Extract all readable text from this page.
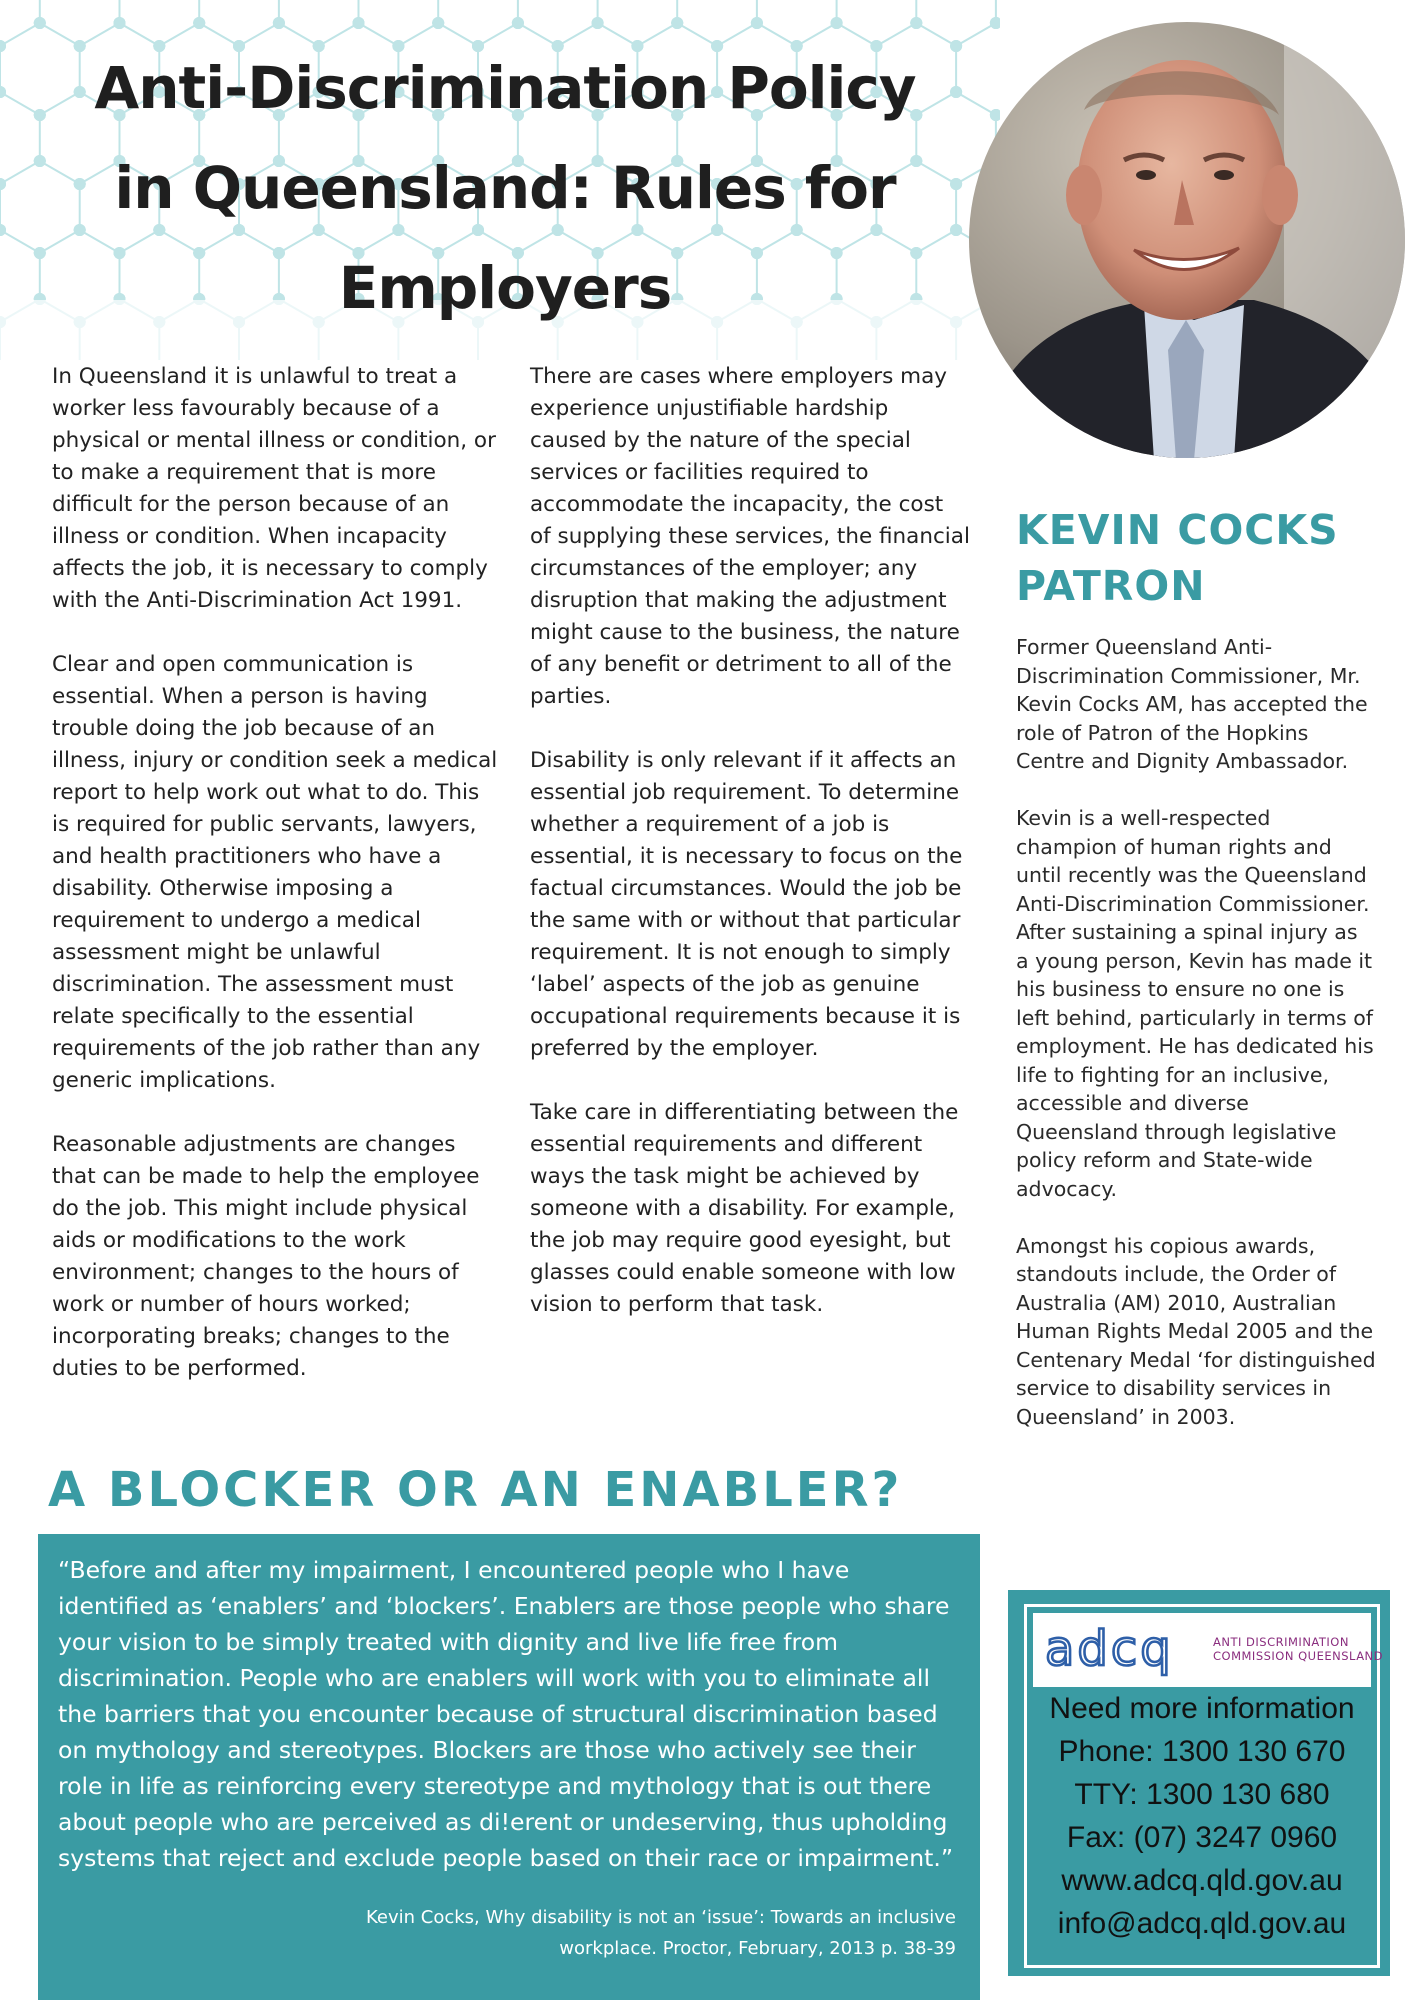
Anti-Discrimination Policy
in Queensland: Rules for
Employers

In Queensland it is unlawful to treat a worker less favourably because of a physical or mental illness or condition, or to make a requirement that is more difficult for the person because of an illness or condition. When incapacity affects the job, it is necessary to comply with the Anti-Discrimination Act 1991.

Clear and open communication is essential. When a person is having trouble doing the job because of an illness, injury or condition seek a medical report to help work out what to do. This is required for public servants, lawyers, and health practitioners who have a disability. Otherwise imposing a requirement to undergo a medical assessment might be unlawful discrimination. The assessment must relate specifically to the essential requirements of the job rather than any generic implications.

Reasonable adjustments are changes that can be made to help the employee do the job. This might include physical aids or modifications to the work environment; changes to the hours of work or number of hours worked; incorporating breaks; changes to the duties to be performed.

There are cases where employers may experience unjustifiable hardship caused by the nature of the special services or facilities required to accommodate the incapacity, the cost of supplying these services, the financial circumstances of the employer; any disruption that making the adjustment might cause to the business, the nature of any benefit or detriment to all of the parties.

Disability is only relevant if it affects an essential job requirement. To determine whether a requirement of a job is essential, it is necessary to focus on the factual circumstances. Would the job be the same with or without that particular requirement. It is not enough to simply ‘label’ aspects of the job as genuine occupational requirements because it is preferred by the employer.

Take care in differentiating between the essential requirements and different ways the task might be achieved by someone with a disability. For example, the job may require good eyesight, but glasses could enable someone with low vision to perform that task.

KEVIN COCKS
PATRON

Former Queensland Anti-Discrimination Commissioner, Mr. Kevin Cocks AM, has accepted the role of Patron of the Hopkins Centre and Dignity Ambassador.

Kevin is a well-respected champion of human rights and until recently was the Queensland Anti-Discrimination Commissioner. After sustaining a spinal injury as a young person, Kevin has made it his business to ensure no one is left behind, particularly in terms of employment. He has dedicated his life to fighting for an inclusive, accessible and diverse Queensland through legislative policy reform and State-wide advocacy.

Amongst his copious awards, standouts include, the Order of Australia (AM) 2010, Australian Human Rights Medal 2005 and the Centenary Medal ‘for distinguished service to disability services in Queensland’ in 2003.

A BLOCKER OR AN ENABLER?

“Before and after my impairment, I encountered people who I have identified as ‘enablers’ and ‘blockers’. Enablers are those people who share your vision to be simply treated with dignity and live life free from discrimination. People who are enablers will work with you to eliminate all the barriers that you encounter because of structural discrimination based on mythology and stereotypes. Blockers are those who actively see their role in life as reinforcing every stereotype and mythology that is out there about people who are perceived as di!erent or undeserving, thus upholding systems that reject and exclude people based on their race or impairment.”

Kevin Cocks, Why disability is not an ‘issue’: Towards an inclusive workplace. Proctor, February, 2013 p. 38-39

adcq	ANTI DISCRIMINATION
COMMISSION QUEENSLAND

Need more information
Phone: 1300 130 670
TTY: 1300 130 680
Fax: (07) 3247 0960
www.adcq.qld.gov.au
info@adcq.qld.gov.au
